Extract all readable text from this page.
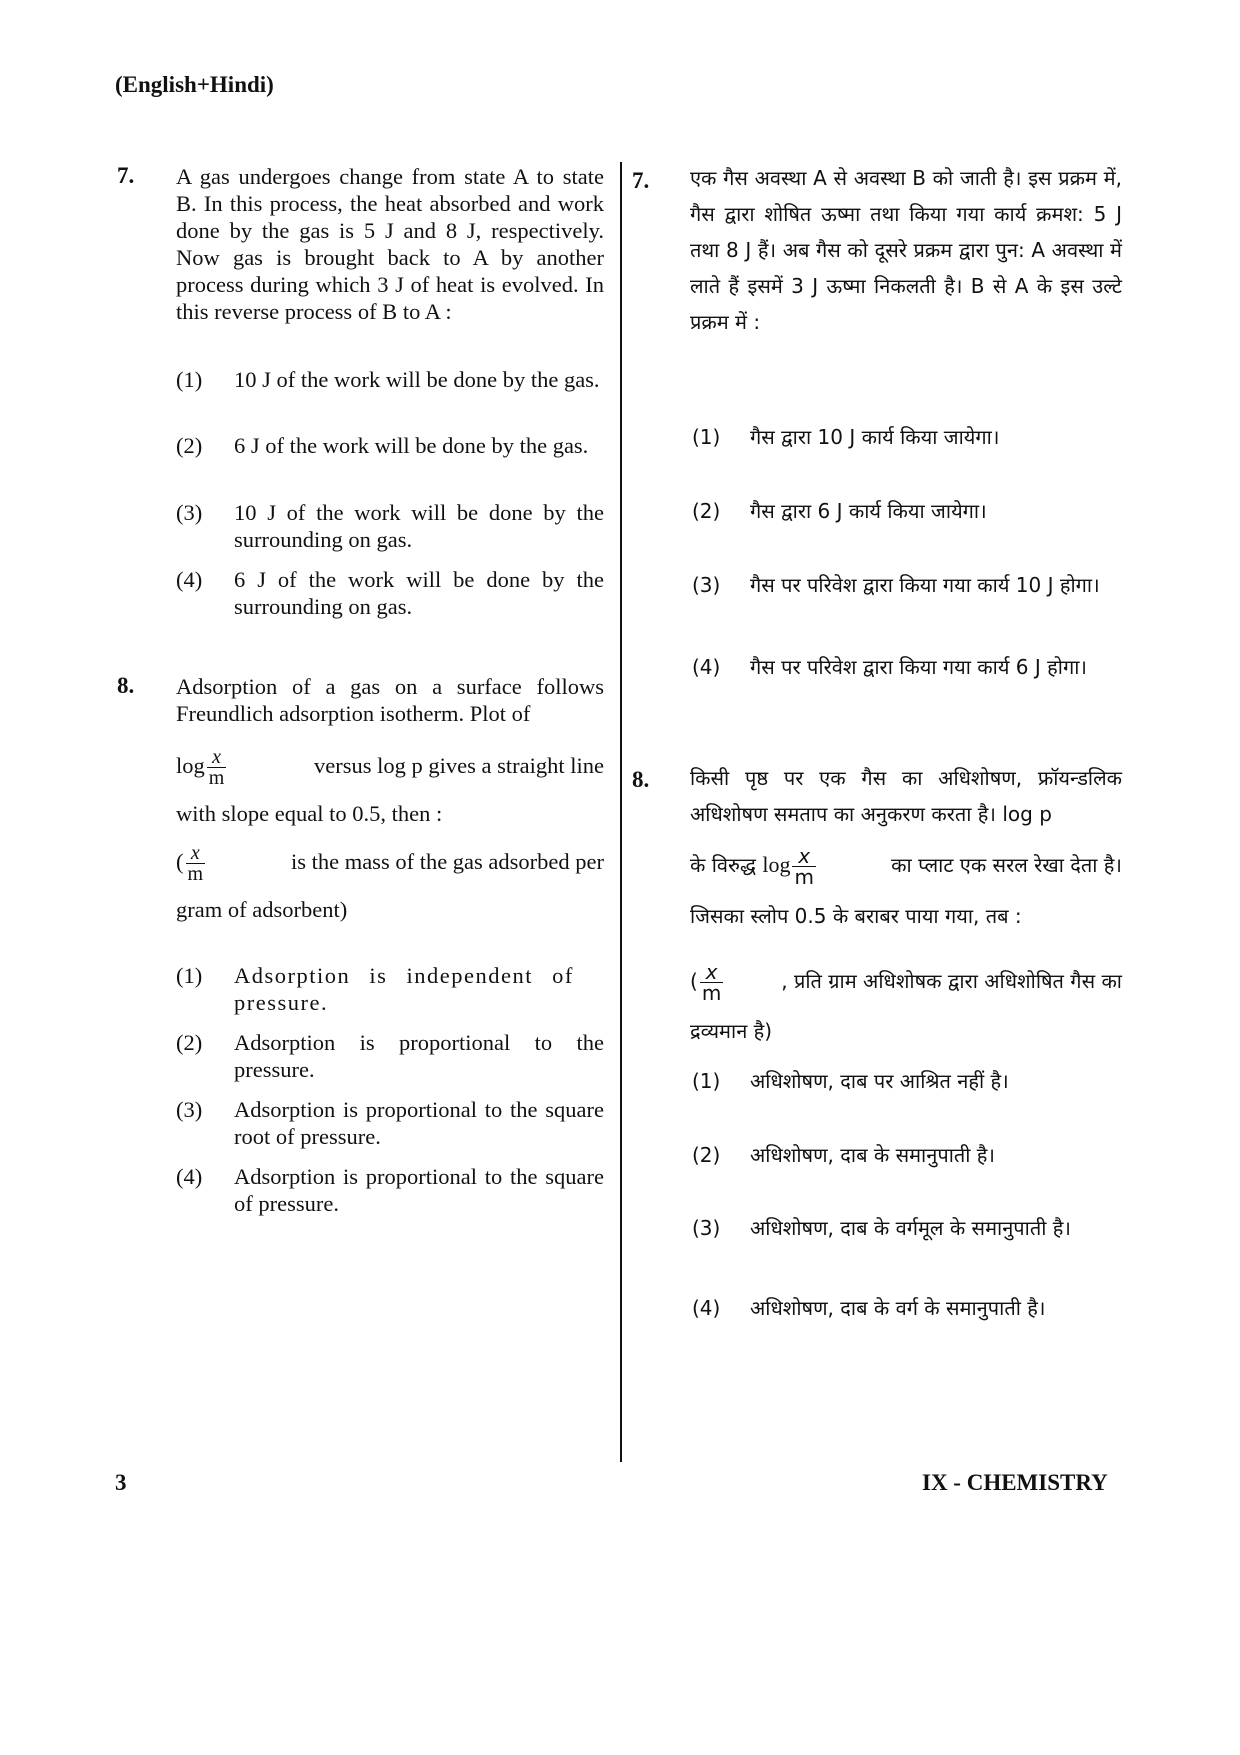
(English+Hindi)
7. A gas undergoes change from state A to state B. In this process, the heat absorbed and work done by the gas is 5 J and 8 J, respectively. Now gas is brought back to A by another process during which 3 J of heat is evolved. In this reverse process of B to A :
(1) 10 J of the work will be done by the gas.
(2) 6 J of the work will be done by the gas.
(3) 10 J of the work will be done by the surrounding on gas.
(4) 6 J of the work will be done by the surrounding on gas.
8. Adsorption of a gas on a surface follows Freundlich adsorption isotherm. Plot of
$\log \frac{x}{m}$	versus log p gives a straight line
with slope equal to 0.5, then :
( $\frac{x}{m}$	is the mass of the gas adsorbed per
gram of adsorbent)
(1) Adsorption is independent of pressure.
(2) Adsorption is proportional to the pressure.
(3) Adsorption is proportional to the square root of pressure.
(4) Adsorption is proportional to the square of pressure.
7. एक गैस अवस्था A से अवस्था B को जाती है। इस प्रक्रम में, गैस द्वारा शोषित ऊष्मा तथा किया गया कार्य क्रमश: 5 J तथा 8 J हैं। अब गैस को दूसरे प्रक्रम द्वारा पुन: A अवस्था में लाते हैं इसमें 3 J ऊष्मा निकलती है। B से A के इस उल्टे प्रक्रम में :
(1) गैस द्वारा 10 J कार्य किया जायेगा।
(2) गैस द्वारा 6 J कार्य किया जायेगा।
(3) गैस पर परिवेश द्वारा किया गया कार्य 10 J होगा।
(4) गैस पर परिवेश द्वारा किया गया कार्य 6 J होगा।
8. किसी पृष्ठ पर एक गैस का अधिशोषण, फ्रॉयन्डलिक अधिशोषण समताप का अनुकरण करता है। log p
के विरुद्ध $\log \frac{x}{m}$	का प्लाट एक सरल रेखा देता है।
जिसका स्लोप 0.5 के बराबर पाया गया, तब :
( $\frac{x}{m}$	, प्रति ग्राम अधिशोषक द्वारा अधिशोषित गैस का
द्रव्यमान है)
(1) अधिशोषण, दाब पर आश्रित नहीं है।
(2) अधिशोषण, दाब के समानुपाती है।
(3) अधिशोषण, दाब के वर्गमूल के समानुपाती है।
(4) अधिशोषण, दाब के वर्ग के समानुपाती है।
3	IX - CHEMISTRY
